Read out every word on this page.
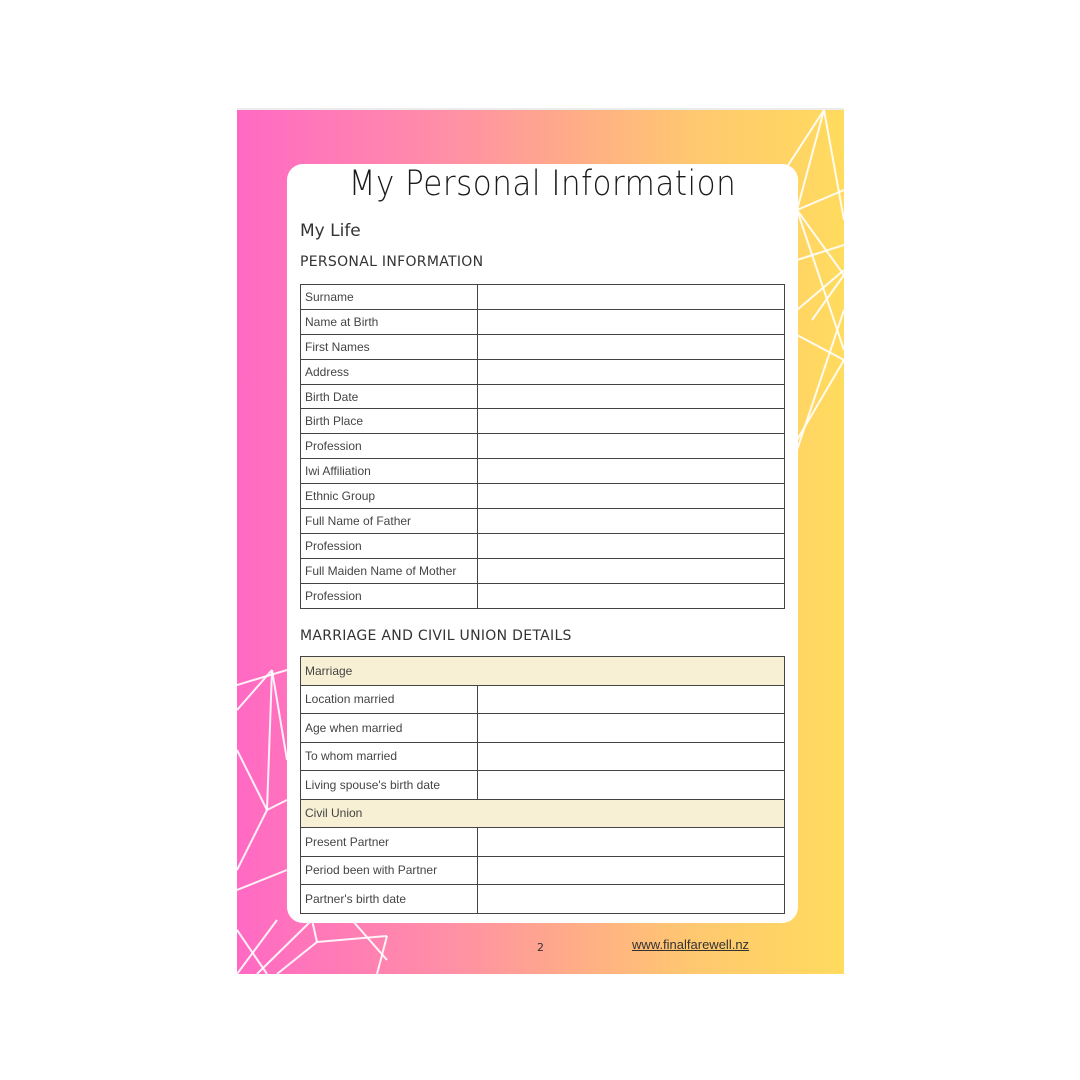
My Personal Information
My Life
PERSONAL INFORMATION
Surname	
Name at Birth	
First Names	
Address	
Birth Date	
Birth Place	
Profession	
Iwi Affiliation	
Ethnic Group	
Full Name of Father	
Profession	
Full Maiden Name of Mother	
Profession	
MARRIAGE AND CIVIL UNION DETAILS
Marriage	
Location married	
Age when married	
To whom married	
Living spouse's birth date	
Civil Union	
Present Partner	
Period been with Partner	
Partner's birth date	
2	www.finalfarewell.nz
